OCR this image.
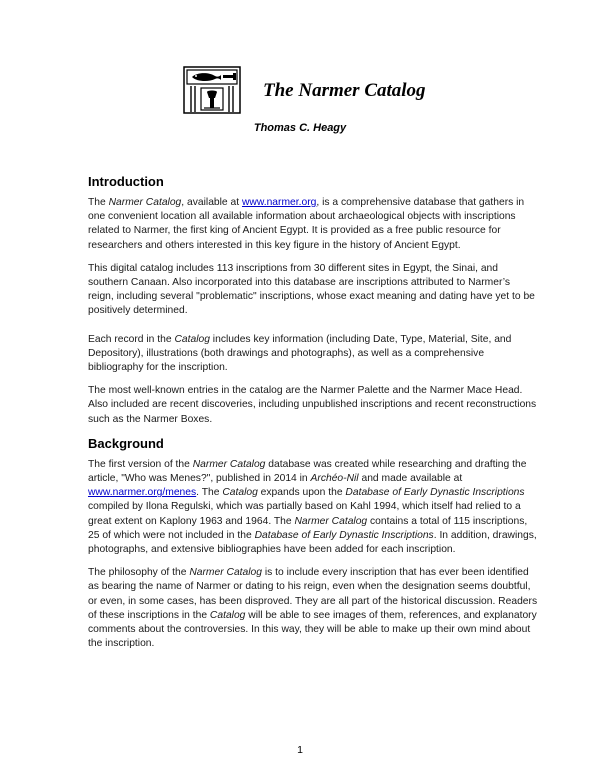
The Narmer Catalog
Thomas C. Heagy
Introduction

The Narmer Catalog, available at www.narmer.org, is a comprehensive database that gathers in one convenient location all available information about archaeological objects with inscriptions related to Narmer, the first king of Ancient Egypt. It is provided as a free public resource for researchers and others interested in this key figure in the history of Ancient Egypt.

This digital catalog includes 113 inscriptions from 30 different sites in Egypt, the Sinai, and southern Canaan. Also incorporated into this database are inscriptions attributed to Narmer’s reign, including several "problematic" inscriptions, whose exact meaning and dating have yet to be positively determined.

Each record in the Catalog includes key information (including Date, Type, Material, Site, and Depository), illustrations (both drawings and photographs), as well as a comprehensive bibliography for the inscription.

The most well-known entries in the catalog are the Narmer Palette and the Narmer Mace Head. Also included are recent discoveries, including unpublished inscriptions and recent reconstructions such as the Narmer Boxes.

Background

The first version of the Narmer Catalog database was created while researching and drafting the article, "Who was Menes?", published in 2014 in Archéo-Nil and made available at www.narmer.org/menes. The Catalog expands upon the Database of Early Dynastic Inscriptions compiled by Ilona Regulski, which was partially based on Kahl 1994, which itself had relied to a great extent on Kaplony 1963 and 1964. The Narmer Catalog contains a total of 115 inscriptions, 25 of which were not included in the Database of Early Dynastic Inscriptions. In addition, drawings, photographs, and extensive bibliographies have been added for each inscription.

The philosophy of the Narmer Catalog is to include every inscription that has ever been identified as bearing the name of Narmer or dating to his reign, even when the designation seems doubtful, or even, in some cases, has been disproved. They are all part of the historical discussion. Readers of these inscriptions in the Catalog will be able to see images of them, references, and explanatory comments about the controversies. In this way, they will be able to make up their own mind about the inscription.

1
